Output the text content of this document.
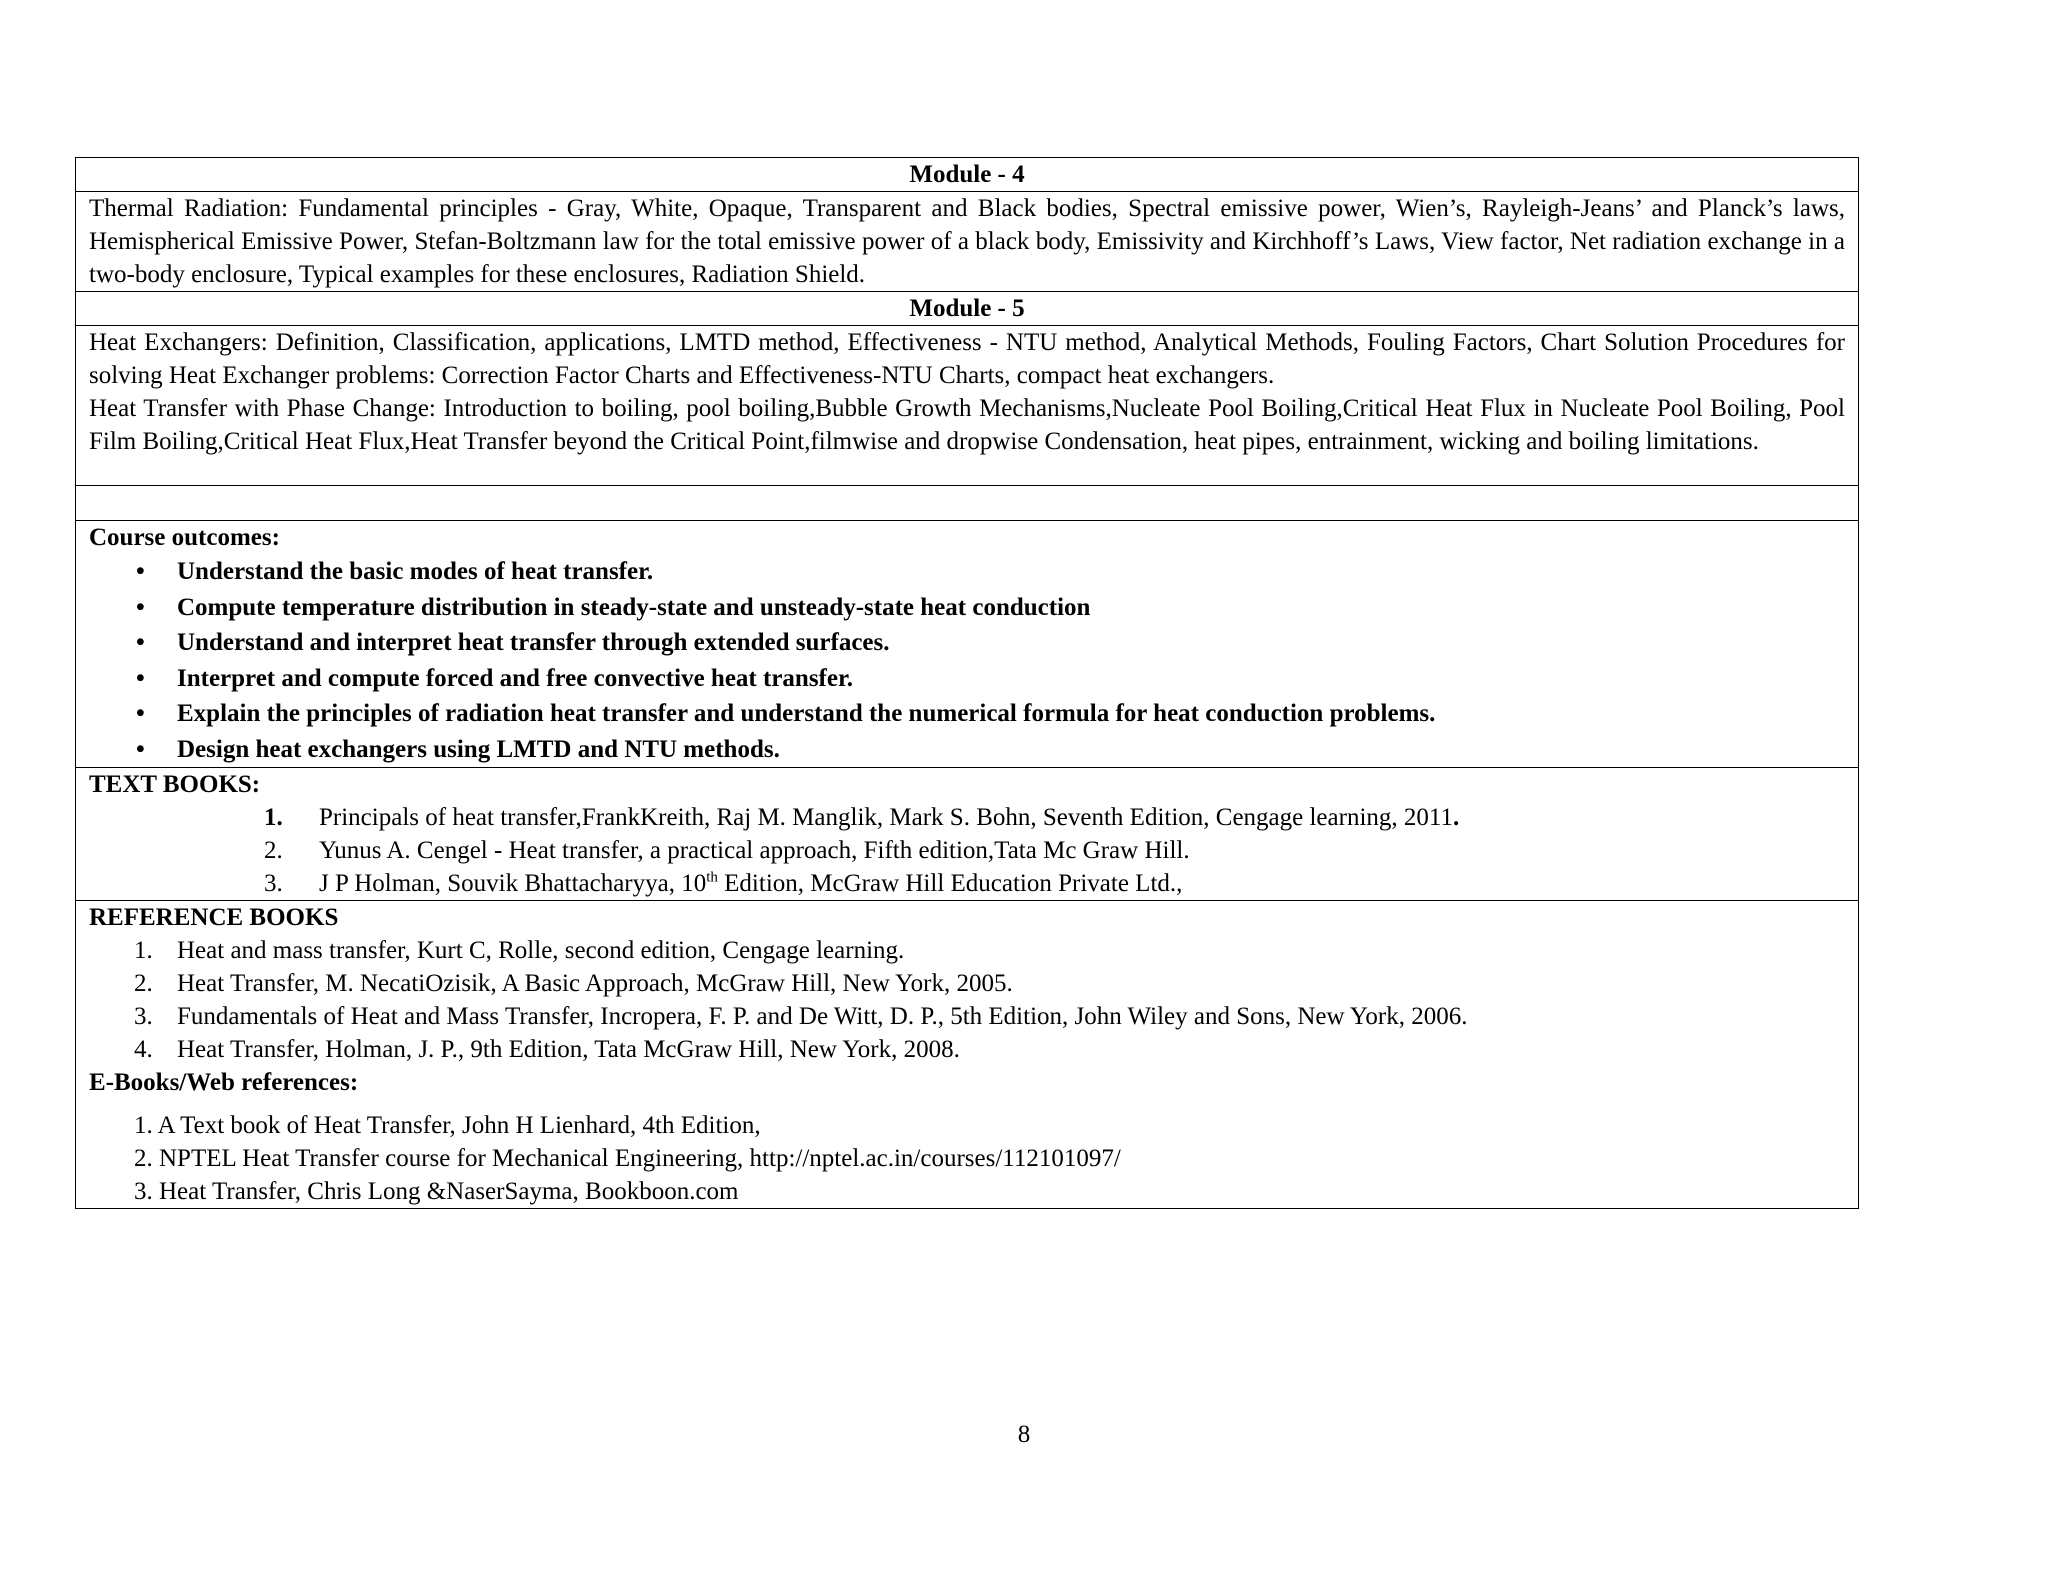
Module - 4
Thermal Radiation: Fundamental principles - Gray, White, Opaque, Transparent and Black bodies, Spectral emissive power, Wien’s, Rayleigh-Jeans’ and Planck’s laws, Hemispherical Emissive Power, Stefan-Boltzmann law for the total emissive power of a black body, Emissivity and Kirchhoff’s Laws, View factor, Net radiation exchange in a two-body enclosure, Typical examples for these enclosures, Radiation Shield.
Module - 5

Heat Exchangers: Definition, Classification, applications, LMTD method, Effectiveness - NTU method, Analytical Methods, Fouling Factors, Chart Solution Procedures for solving Heat Exchanger problems: Correction Factor Charts and Effectiveness-NTU Charts, compact heat exchangers.
Heat Transfer with Phase Change: Introduction to boiling, pool boiling,Bubble Growth Mechanisms,Nucleate Pool Boiling,Critical Heat Flux in Nucleate Pool Boiling, Pool Film Boiling,Critical Heat Flux,Heat Transfer beyond the Critical Point,filmwise and dropwise Condensation, heat pipes, entrainment, wicking and boiling limitations.

Course outcomes:
• Understand the basic modes of heat transfer.
• Compute temperature distribution in steady-state and unsteady-state heat conduction
• Understand and interpret heat transfer through extended surfaces.
• Interpret and compute forced and free convective heat transfer.
• Explain the principles of radiation heat transfer and understand the numerical formula for heat conduction problems.
• Design heat exchangers using LMTD and NTU methods.

TEXT BOOKS:
1. Principals of heat transfer,FrankKreith, Raj M. Manglik, Mark S. Bohn, Seventh Edition, Cengage learning, 2011.
2. Yunus A. Cengel - Heat transfer, a practical approach, Fifth edition,Tata Mc Graw Hill.
3. J P Holman, Souvik Bhattacharyya, 10th Edition, McGraw Hill Education Private Ltd.,

REFERENCE BOOKS
1. Heat and mass transfer, Kurt C, Rolle, second edition, Cengage learning.
2. Heat Transfer, M. NecatiOzisik, A Basic Approach, McGraw Hill, New York, 2005.
3. Fundamentals of Heat and Mass Transfer, Incropera, F. P. and De Witt, D. P., 5th Edition, John Wiley and Sons, New York, 2006.
4. Heat Transfer, Holman, J. P., 9th Edition, Tata McGraw Hill, New York, 2008.
E-Books/Web references:
1. A Text book of Heat Transfer, John H Lienhard, 4th Edition,
2. NPTEL Heat Transfer course for Mechanical Engineering, http://nptel.ac.in/courses/112101097/
3. Heat Transfer, Chris Long &NaserSayma, Bookboon.com
8
